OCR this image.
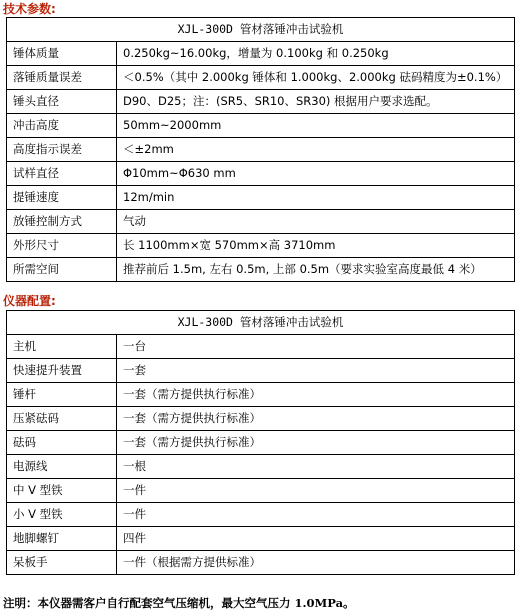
技术参数:
XJL-300D 管材落锤冲击试验机	
锤体质量	0.250kg~16.00kg，增量为 0.100kg 和 0.250kg
落锤质量误差	＜0.5%（其中 2.000kg 锤体和 1.000kg、2.000kg 砝码精度为±0.1%）
锤头直径	D90、D25；注：(SR5、SR10、SR30) 根据用户要求选配。
冲击高度	50mm~2000mm
高度指示误差	＜±2mm
试样直径	Φ10mm~Φ630 mm
提锤速度	12m/min
放锤控制方式	气动
外形尺寸	长 1100mm×宽 570mm×高 3710mm
所需空间	推荐前后 1.5m, 左右 0.5m, 上部 0.5m（要求实验室高度最低 4 米）
仪器配置:
XJL-300D 管材落锤冲击试验机	
主机	一台
快速提升装置	一套
锤杆	一套（需方提供执行标准）
压紧砝码	一套（需方提供执行标准）
砝码	一套（需方提供执行标准）
电源线	一根
中 V 型铁	一件
小 V 型铁	一件
地脚螺钉	四件
呆板手	一件（根据需方提供标准）
注明：本仪器需客户自行配套空气压缩机，最大空气压力 1.0MPa。
